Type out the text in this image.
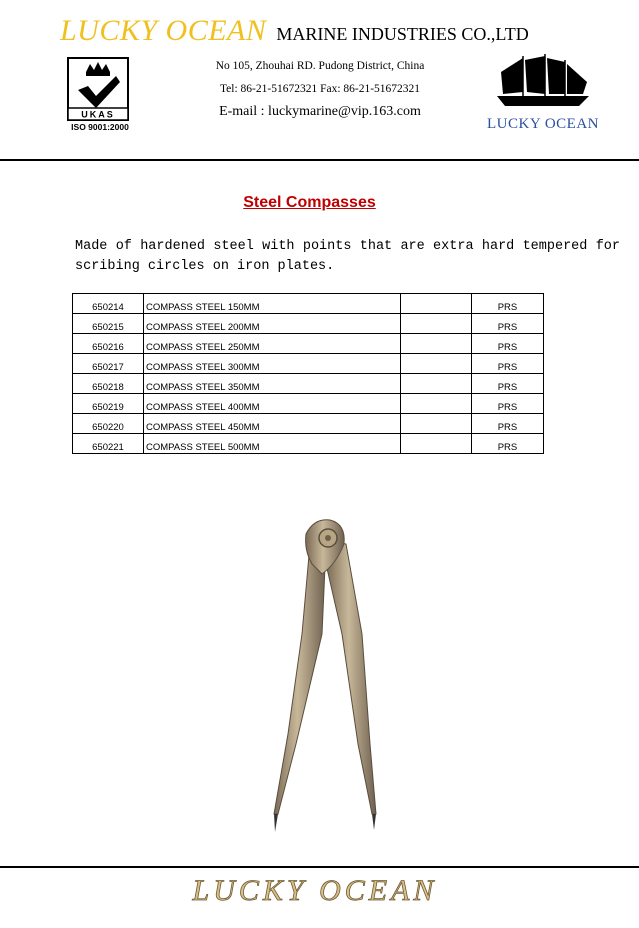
LUCKY OCEAN MARINE INDUSTRIES CO.,LTD
UKAS
ISO 9001:2000
No 105, Zhouhai RD. Pudong District, China
Tel: 86-21-51672321 Fax: 86-21-51672321
E-mail : luckymarine@vip.163.com
LUCKY OCEAN
Steel Compasses
Made of hardened steel with points that are extra hard tempered for scribing circles on iron plates.
650214	COMPASS STEEL 150MM		PRS
650215	COMPASS STEEL 200MM		PRS
650216	COMPASS STEEL 250MM		PRS
650217	COMPASS STEEL 300MM		PRS
650218	COMPASS STEEL 350MM		PRS
650219	COMPASS STEEL 400MM		PRS
650220	COMPASS STEEL 450MM		PRS
650221	COMPASS STEEL 500MM		PRS
LUCKY OCEAN
